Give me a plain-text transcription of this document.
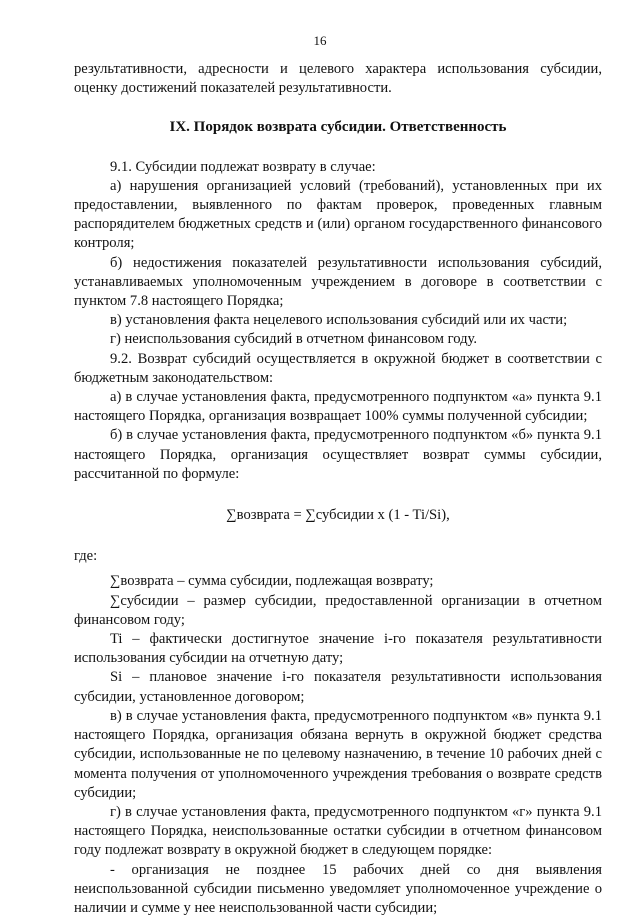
16

результативности, адресности и целевого характера использования субсидии, оценку достижений показателей результативности.

IX. Порядок возврата субсидии. Ответственность

9.1. Субсидии подлежат возврату в случае:

а) нарушения организацией условий (требований), установленных при их предоставлении, выявленного по фактам проверок, проведенных главным распорядителем бюджетных средств и (или) органом государственного финансового контроля;

б) недостижения показателей результативности использования субсидий, устанавливаемых уполномоченным учреждением в договоре в соответствии с пунктом 7.8 настоящего Порядка;

в) установления факта нецелевого использования субсидий или их части;

г) неиспользования субсидий в отчетном финансовом году.

9.2. Возврат субсидий осуществляется в окружной бюджет в соответствии с бюджетным законодательством:

а) в случае установления факта, предусмотренного подпунктом «а» пункта 9.1 настоящего Порядка, организация возвращает 100% суммы полученной субсидии;

б) в случае установления факта, предусмотренного подпунктом «б» пункта 9.1 настоящего Порядка, организация осуществляет возврат суммы субсидии, рассчитанной по формуле:

∑возврата = ∑субсидии x (1 - Ti/Si),

где:

∑возврата – сумма субсидии, подлежащая возврату;

∑субсидии – размер субсидии, предоставленной организации в отчетном финансовом году;

Ti – фактически достигнутое значение i-го показателя результативности использования субсидии на отчетную дату;

Si – плановое значение i-го показателя результативности использования субсидии, установленное договором;

в) в случае установления факта, предусмотренного подпунктом «в» пункта 9.1 настоящего Порядка, организация обязана вернуть в окружной бюджет средства субсидии, использованные не по целевому назначению, в течение 10 рабочих дней с момента получения от уполномоченного учреждения требования о возврате средств субсидии;

г) в случае установления факта, предусмотренного подпунктом «г» пункта 9.1 настоящего Порядка, неиспользованные остатки субсидии в отчетном финансовом году подлежат возврату в окружной бюджет в следующем порядке:

- организация не позднее 15 рабочих дней со дня выявления неиспользованной субсидии письменно уведомляет уполномоченное учреждение о наличии и сумме у нее неиспользованной части субсидии;
